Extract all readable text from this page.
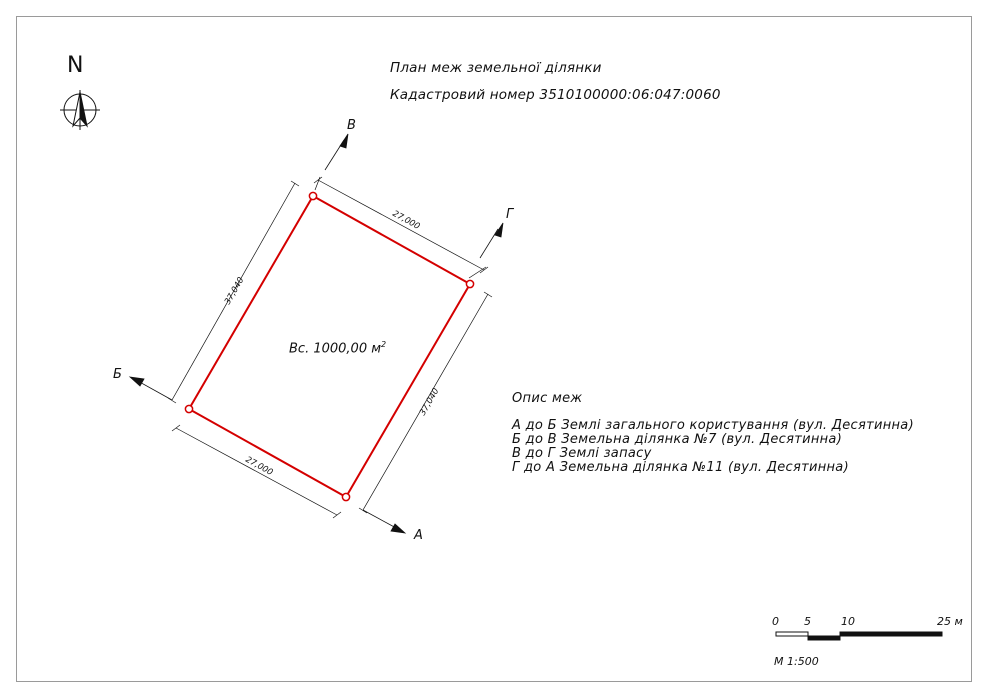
27,000
27,000
37,040
37,040
А
Б
В
Г
0 5	10	25 м
N	План меж земельної ділянки
Кадастровий номер 3510100000:06:047:0060
Вс. 1000,00 $м^2$
Опис меж
А до Б Землі загального користування (вул. Десятинна)
Б до В Земельна ділянка №7 (вул. Десятинна)
В до Г Землі запасу
Г до А Земельна ділянка №11 (вул. Десятинна)
М 1:500
